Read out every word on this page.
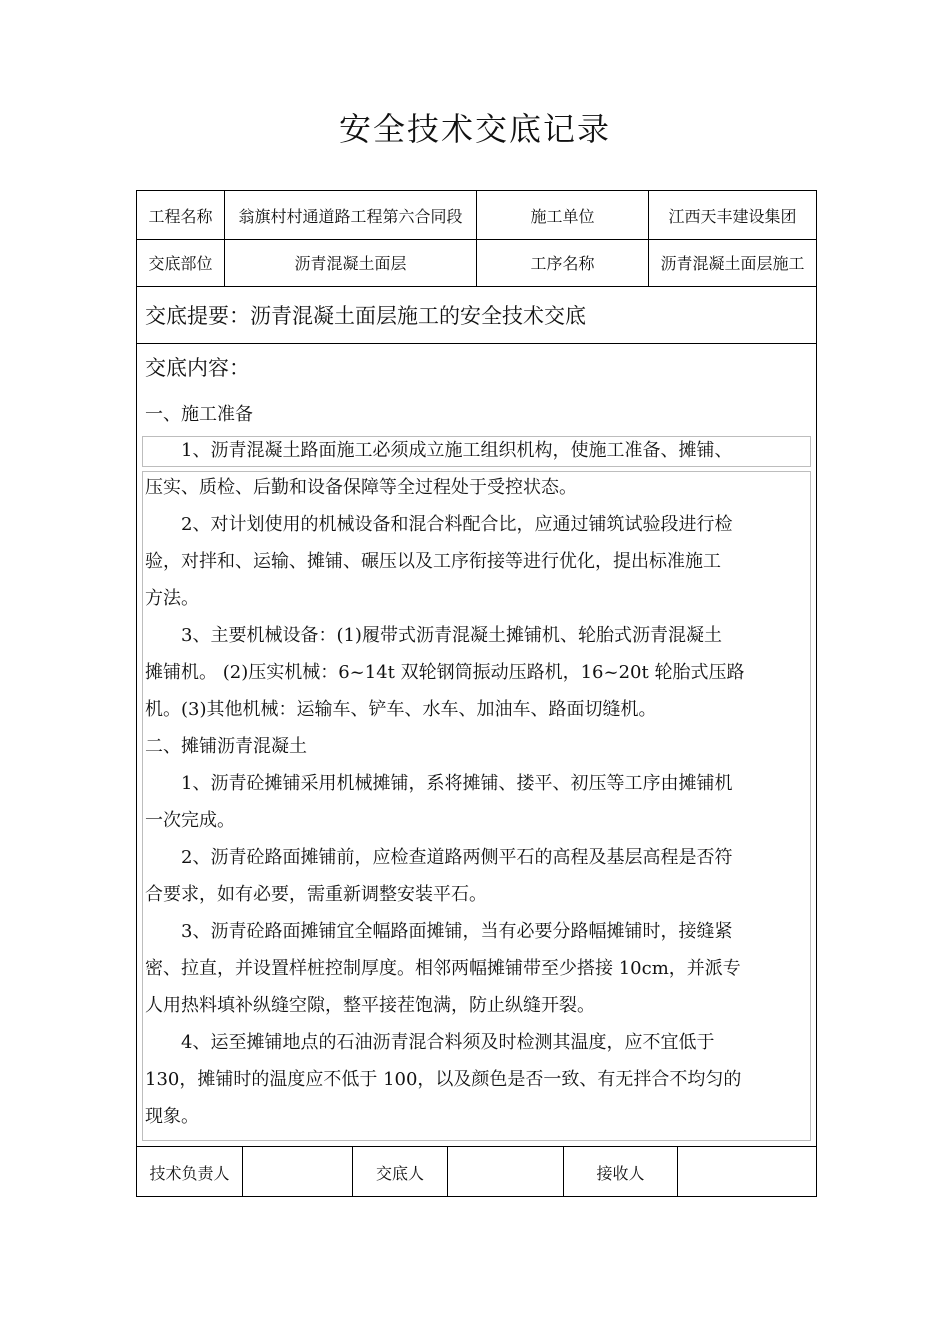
安全技术交底记录
工程名称	翁旗村村通道路工程第六合同段	施工单位	江西天丰建设集团
交底部位	沥青混凝土面层	工序名称	沥青混凝土面层施工
交底提要：沥青混凝土面层施工的安全技术交底
交底内容：
一、施工准备
1、沥青混凝土路面施工必须成立施工组织机构，使施工准备、摊铺、
压实、质检、后勤和设备保障等全过程处于受控状态。
2、对计划使用的机械设备和混合料配合比，应通过铺筑试验段进行检
验，对拌和、运输、摊铺、碾压以及工序衔接等进行优化，提出标准施工
方法。
3、主要机械设备：(1)履带式沥青混凝土摊铺机、轮胎式沥青混凝土
摊铺机。 (2)压实机械：6~14t 双轮钢筒振动压路机，16~20t 轮胎式压路
机。(3)其他机械：运输车、铲车、水车、加油车、路面切缝机。
二、摊铺沥青混凝土
1、沥青砼摊铺采用机械摊铺，系将摊铺、搂平、初压等工序由摊铺机
一次完成。
2、沥青砼路面摊铺前，应检查道路两侧平石的高程及基层高程是否符
合要求，如有必要，需重新调整安装平石。
3、沥青砼路面摊铺宜全幅路面摊铺，当有必要分路幅摊铺时，接缝紧
密、拉直，并设置样桩控制厚度。相邻两幅摊铺带至少搭接 10cm，并派专
人用热料填补纵缝空隙，整平接茬饱满，防止纵缝开裂。
4、运至摊铺地点的石油沥青混合料须及时检测其温度，应不宜低于
130，摊铺时的温度应不低于 100，以及颜色是否一致、有无拌合不均匀的
现象。
技术负责人	交底人	接收人
